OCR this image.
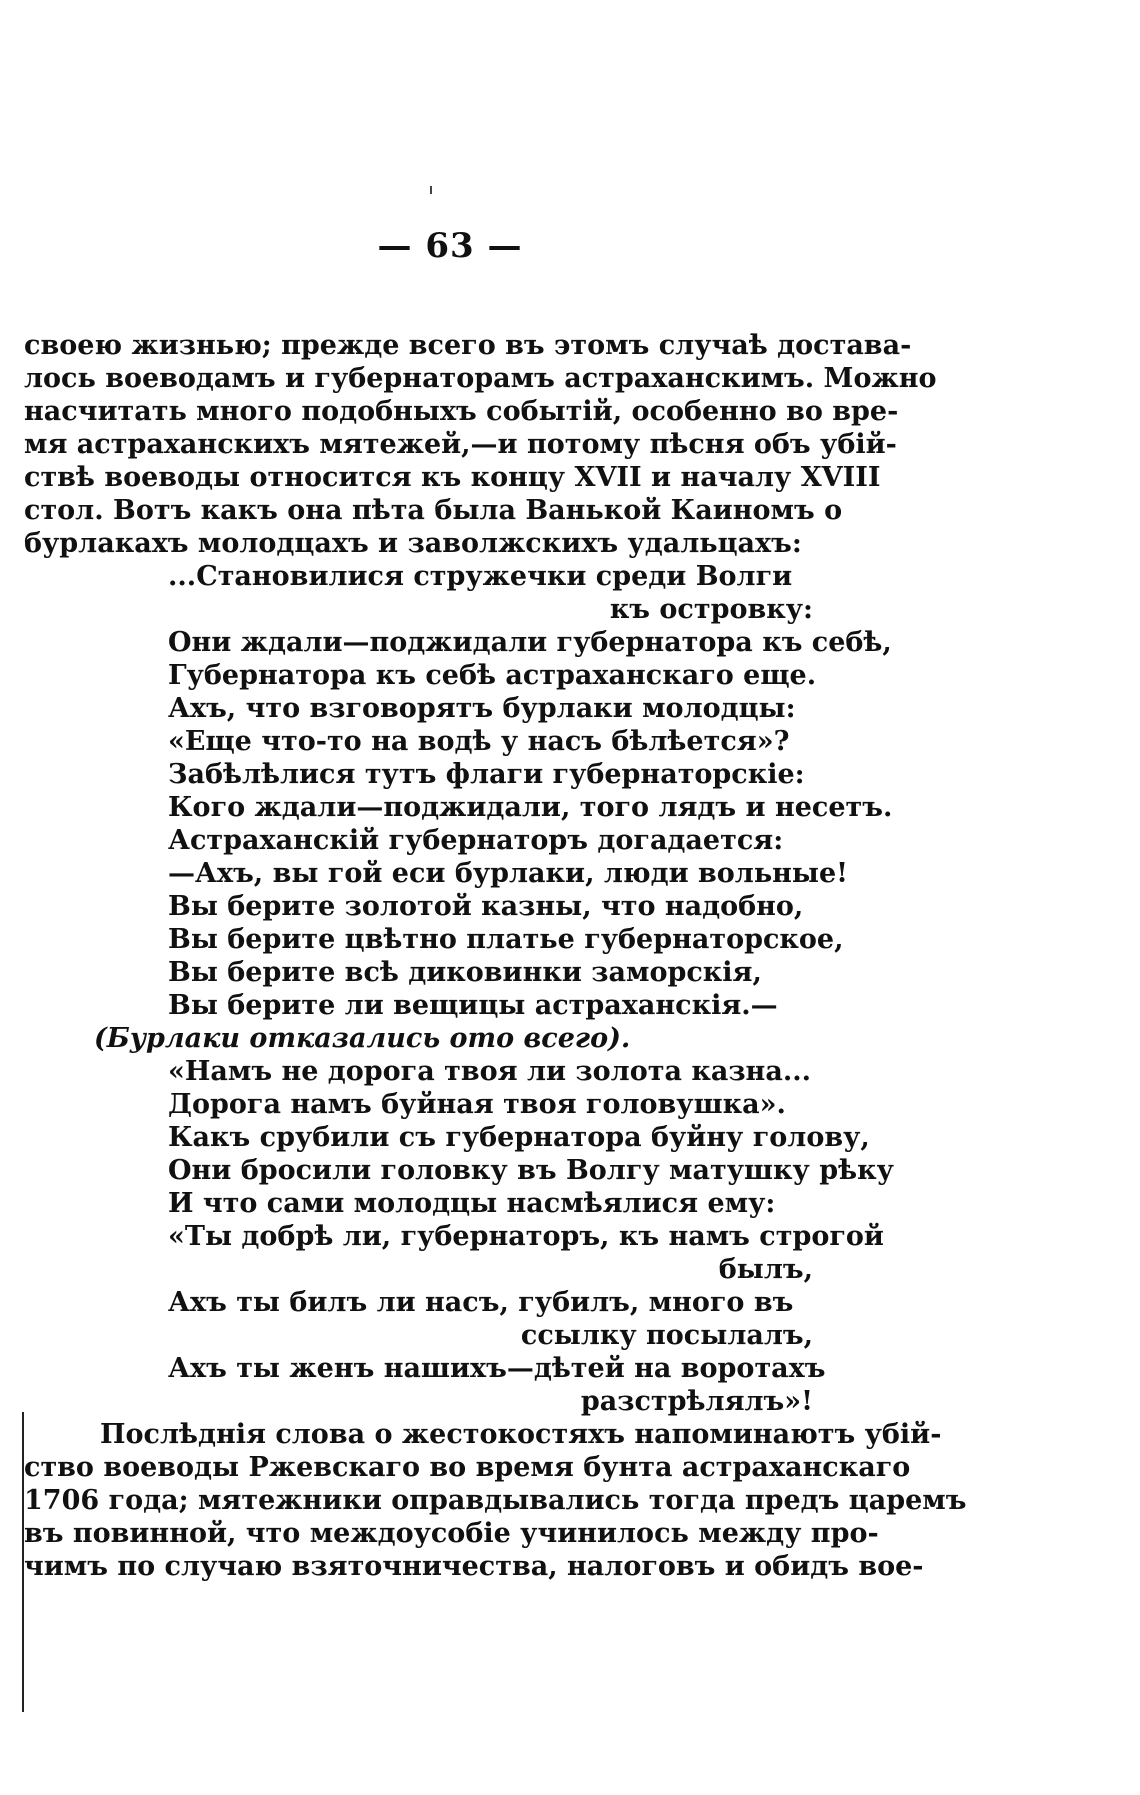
— 63 —
своею жизнью; прежде всего въ этомъ случаѣ достава-
лось воеводамъ и губернаторамъ астраханскимъ. Можно
насчитать много подобныхъ событій, особенно во вре-
мя астраханскихъ мятежей,—и потому пѣсня объ убій-
ствѣ воеводы относится къ концу XVII и началу XVIII
стол. Вотъ какъ она пѣта была Ванькой Каиномъ о
бурлакахъ молодцахъ и заволжскихъ удальцахъ:
...Становилися стружечки среди Волги
къ островку:
Они ждали—поджидали губернатора къ себѣ,
Губернатора къ себѣ астраханскаго еще.
Ахъ, что взговорятъ бурлаки молодцы:
«Еще что-то на водѣ у насъ бѣлѣется»?
Забѣлѣлися тутъ флаги губернаторскіе:
Кого ждали—поджидали, того лядъ и несетъ.
Астраханскій губернаторъ догадается:
—Ахъ, вы гой еси бурлаки, люди вольные!
Вы берите золотой казны, что надобно,
Вы берите цвѣтно платье губернаторское,
Вы берите всѣ диковинки заморскія,
Вы берите ли вещицы астраханскія.—
(Бурлаки отказались ото всего).
«Намъ не дорога твоя ли золота казна...
Дорога намъ буйная твоя головушка».
Какъ срубили съ губернатора буйну голову,
Они бросили головку въ Волгу матушку рѣку
И что сами молодцы насмѣялися ему:
«Ты добрѣ ли, губернаторъ, къ намъ строгой
былъ,
Ахъ ты билъ ли насъ, губилъ, много въ
ссылку посылалъ,
Ахъ ты женъ нашихъ—дѣтей на воротахъ
разстрѣлялъ»!
Послѣднія слова о жестокостяхъ напоминаютъ убій-
ство воеводы Ржевскаго во время бунта астраханскаго
1706 года; мятежники оправдывались тогда предъ царемъ
въ повинной, что междоусобіе учинилось между про-
чимъ по случаю взяточничества, налоговъ и обидъ вое-
